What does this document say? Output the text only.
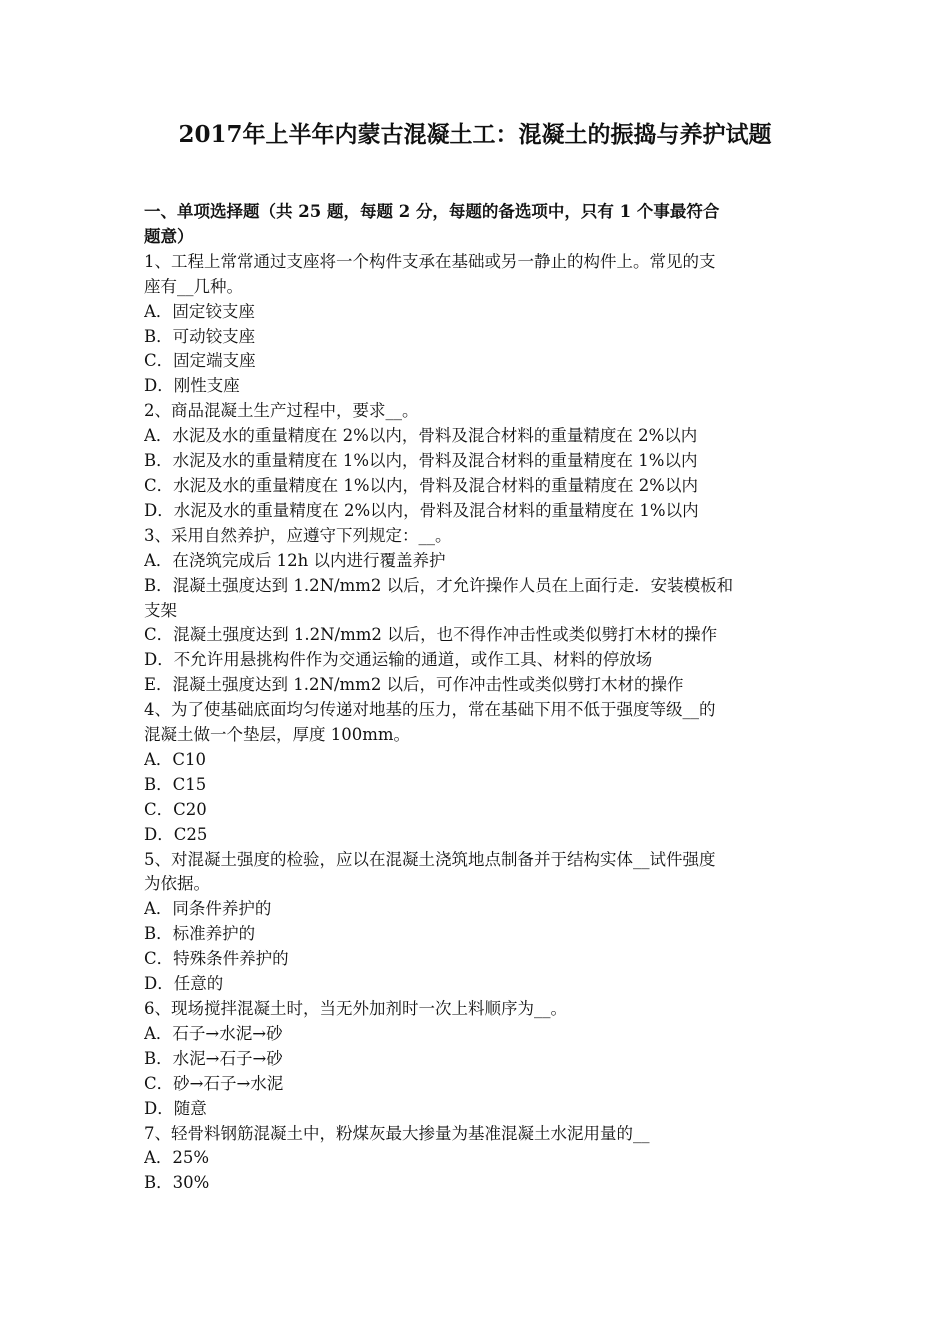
2017年上半年内蒙古混凝土工：混凝土的振捣与养护试题
一、单项选择题（共 25 题，每题 2 分，每题的备选项中，只有 1 个事最符合
题意）
1、工程上常常通过支座将一个构件支承在基础或另一静止的构件上。常见的支
座有__几种。
A．固定铰支座
B．可动铰支座
C．固定端支座
D．刚性支座
2、商品混凝土生产过程中，要求__。
A．水泥及水的重量精度在 2%以内，骨料及混合材料的重量精度在 2%以内
B．水泥及水的重量精度在 1%以内，骨料及混合材料的重量精度在 1%以内
C．水泥及水的重量精度在 1%以内，骨料及混合材料的重量精度在 2%以内
D．水泥及水的重量精度在 2%以内，骨料及混合材料的重量精度在 1%以内
3、采用自然养护，应遵守下列规定：__。
A．在浇筑完成后 12h 以内进行覆盖养护
B．混凝土强度达到 1.2N/mm2 以后，才允许操作人员在上面行走．安装模板和
支架
C．混凝土强度达到 1.2N/mm2 以后，也不得作冲击性或类似劈打木材的操作
D．不允许用悬挑构件作为交通运输的通道，或作工具、材料的停放场
E．混凝土强度达到 1.2N/mm2 以后，可作冲击性或类似劈打木材的操作
4、为了使基础底面均匀传递对地基的压力，常在基础下用不低于强度等级__的
混凝土做一个垫层，厚度 100mm。
A．C10
B．C15
C．C20
D．C25
5、对混凝土强度的检验，应以在混凝土浇筑地点制备并于结构实体__试件强度
为依据。
A．同条件养护的
B．标准养护的
C．特殊条件养护的
D．任意的
6、现场搅拌混凝土时，当无外加剂时一次上料顺序为__。
A．石子→水泥→砂
B．水泥→石子→砂
C．砂→石子→水泥
D．随意
7、轻骨料钢筋混凝土中，粉煤灰最大掺量为基准混凝土水泥用量的__
A．25%
B．30%
